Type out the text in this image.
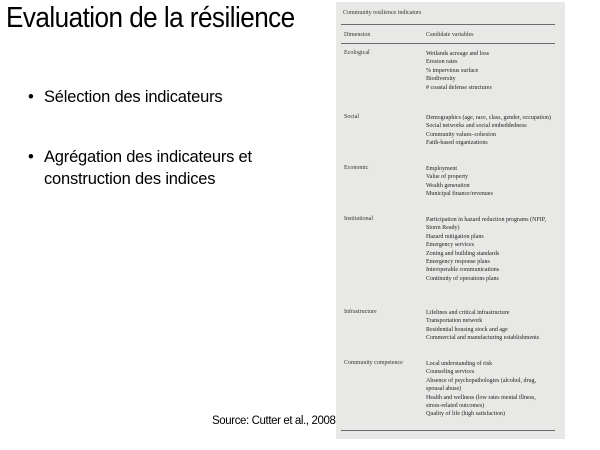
Evaluation de la résilience
• Sélection des indicateurs
• Agrégation des indicateurs et construction des indices
Source: Cutter et al., 2008
Community resilience indicators
Dimension	Candidate variables
Ecological	Wetlands acreage and loss
Erosion rates
% impervious surface
Biodiversity
# coastal defense structures
Social	Demographics (age, race, class, gender, occupation)
Social networks and social embeddedness
Community values–cohesion
Faith-based organizations
Economic	Employment
Value of property
Wealth generation
Municipal finance/revenues
Institutional	Participation in hazard reduction programs (NFIP,
Storm Ready)
Hazard mitigation plans
Emergency services
Zoning and building standards
Emergency response plans
Interoperable communications
Continuity of operations plans
Infrastructure	Lifelines and critical infrastructure
Transportation network
Residential housing stock and age
Commercial and manufacturing establishments
Community competence	Local understanding of risk
Counseling services
Absence of psychopathologies (alcohol, drug,
spousal abuse)
Health and wellness (low rates mental illness,
stress-related outcomes)
Quality of life (high satisfaction)
